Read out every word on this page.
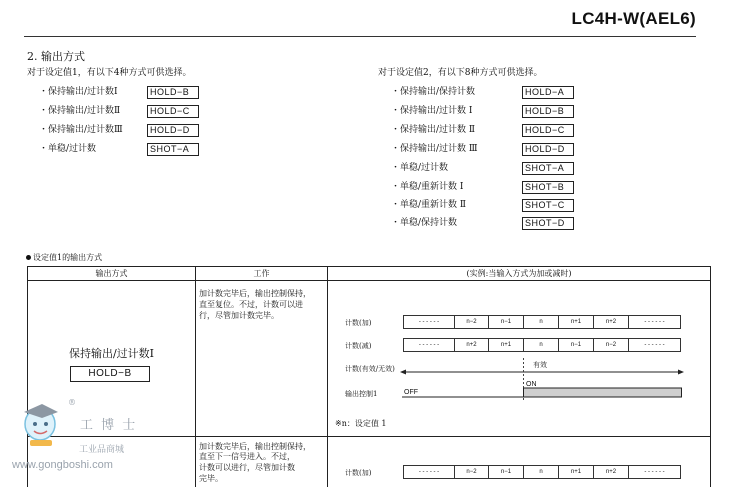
LC4H-W(AEL6)
2. 输出方式
对于设定值1，有以下4种方式可供选择。
・保持输出/过计数Ⅰ	HOLD−B
・保持输出/过计数Ⅱ	HOLD−C
・保持输出/过计数Ⅲ	HOLD−D
・单稳/过计数	SHOT−A
对于设定值2，有以下8种方式可供选择。
・保持输出/保持计数	HOLD−A
・保持输出/过计数 Ⅰ	HOLD−B
・保持输出/过计数 Ⅱ	HOLD−C
・保持输出/过计数 Ⅲ	HOLD−D
・单稳/过计数	SHOT−A
・单稳/重新计数 Ⅰ	SHOT−B
・单稳/重新计数 Ⅱ	SHOT−C
・单稳/保持计数	SHOT−D
设定值1的输出方式
输出方式	工作	(实例:当输入方式为加或减时)
保持输出/过计数Ⅰ
HOLD−B
加计数完毕后，输出控制保持，
直至复位。不过，计数可以进
行，尽管加计数完毕。
计数(加)	- - - - - -	n−2	n−1	n	n+1	n+2	- - - - - -
计数(减)	- - - - - -	n+2	n+1	n	n−1	n−2	- - - - - -
计数(有效/无效)	有效
输出控制1	OFF
ON
※n：设定值 1
加计数完毕后，输出控制保持，
直至下一信号进入。不过，
计数可以进行，尽管加计数
完毕。
计数(加)	- - - - - -	n−2	n−1	n	n+1	n+2	- - - - - -
®
工 博 士
工业品商城
www.gongboshi.com
